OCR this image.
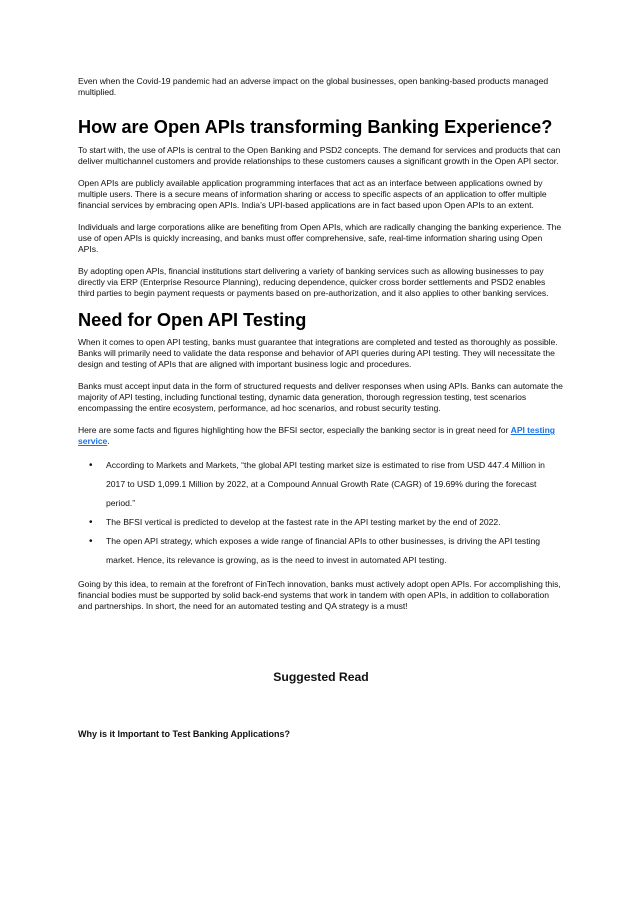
Even when the Covid-19 pandemic had an adverse impact on the global businesses, open banking-based products managed multiplied.

How are Open APIs transforming Banking Experience?

To start with, the use of APIs is central to the Open Banking and PSD2 concepts. The demand for services and products that can deliver multichannel customers and provide relationships to these customers causes a significant growth in the Open API sector.

Open APIs are publicly available application programming interfaces that act as an interface between applications owned by multiple users. There is a secure means of information sharing or access to specific aspects of an application to offer multiple financial services by embracing open APIs. India’s UPI-based applications are in fact based upon Open APIs to an extent.

Individuals and large corporations alike are benefiting from Open APIs, which are radically changing the banking experience. The use of open APIs is quickly increasing, and banks must offer comprehensive, safe, real-time information sharing using Open APIs.

By adopting open APIs, financial institutions start delivering a variety of banking services such as allowing businesses to pay directly via ERP (Enterprise Resource Planning), reducing dependence, quicker cross border settlements and PSD2 enables third parties to begin payment requests or payments based on pre-authorization, and it also applies to other banking services.

Need for Open API Testing

When it comes to open API testing, banks must guarantee that integrations are completed and tested as thoroughly as possible. Banks will primarily need to validate the data response and behavior of API queries during API testing. They will necessitate the design and testing of APIs that are aligned with important business logic and procedures.

Banks must accept input data in the form of structured requests and deliver responses when using APIs. Banks can automate the majority of API testing, including functional testing, dynamic data generation, thorough regression testing, test scenarios encompassing the entire ecosystem, performance, ad hoc scenarios, and robust security testing.

Here are some facts and figures highlighting how the BFSI sector, especially the banking sector is in great need for API testing service.

• According to Markets and Markets, “the global API testing market size is estimated to rise from USD 447.4 Million in 2017 to USD 1,099.1 Million by 2022, at a Compound Annual Growth Rate (CAGR) of 19.69% during the forecast period.”
• The BFSI vertical is predicted to develop at the fastest rate in the API testing market by the end of 2022.
• The open API strategy, which exposes a wide range of financial APIs to other businesses, is driving the API testing market. Hence, its relevance is growing, as is the need to invest in automated API testing.

Going by this idea, to remain at the forefront of FinTech innovation, banks must actively adopt open APIs. For accomplishing this, financial bodies must be supported by solid back-end systems that work in tandem with open APIs, in addition to collaboration and partnerships. In short, the need for an automated testing and QA strategy is a must!

Suggested Read

Why is it Important to Test Banking Applications?
